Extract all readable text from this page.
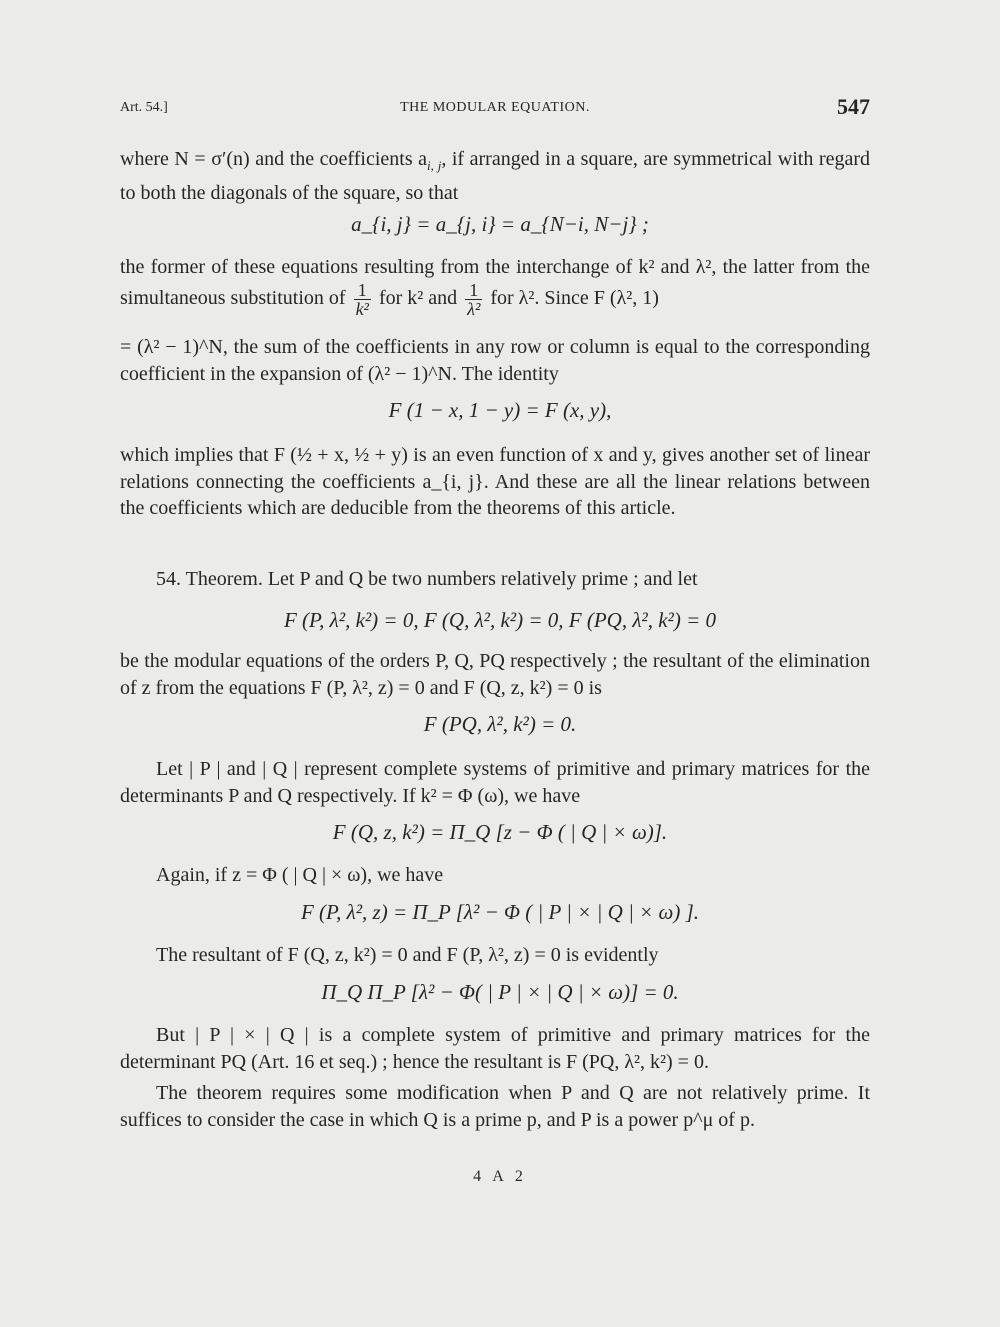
Art. 54.]	THE MODULAR EQUATION.	547

where N = σ′(n) and the coefficients $a_{i, j}$, if arranged in a square, are symmetrical with regard to both the diagonals of the square, so that

a_{i, j} = a_{j, i} = a_{N−i, N−j} ;

the former of these equations resulting from the interchange of k² and λ², the latter from the simultaneous substitution of $\frac{1}{\text{k²}}$ for k² and $\frac{1}{\text{λ²}}$ for λ². Since F (λ², 1)

= (λ² − 1)^N, the sum of the coefficients in any row or column is equal to the corresponding coefficient in the expansion of (λ² − 1)^N. The identity

F (1 − x, 1 − y) = F (x, y),

which implies that F (½ + x, ½ + y) is an even function of x and y, gives another set of linear relations connecting the coefficients a_{i, j}. And these are all the linear relations between the coefficients which are deducible from the theorems of this article.

54. Theorem. Let P and Q be two numbers relatively prime ; and let

F (P, λ², k²) = 0, F (Q, λ², k²) = 0, F (PQ, λ², k²) = 0

be the modular equations of the orders P, Q, PQ respectively ; the resultant of the elimination of z from the equations F (P, λ², z) = 0 and F (Q, z, k²) = 0 is

F (PQ, λ², k²) = 0.

Let | P | and | Q | represent complete systems of primitive and primary matrices for the determinants P and Q respectively. If k² = Φ (ω), we have

F (Q, z, k²) = Π_Q [z − Φ ( | Q | × ω)].

Again, if z = Φ ( | Q | × ω), we have

F (P, λ², z) = Π_P [λ² − Φ ( | P | × | Q | × ω) ].

The resultant of F (Q, z, k²) = 0 and F (P, λ², z) = 0 is evidently

Π_Q Π_P [λ² − Φ( | P | × | Q | × ω)] = 0.

But | P | × | Q | is a complete system of primitive and primary matrices for the determinant PQ (Art. 16 et seq.) ; hence the resultant is F (PQ, λ², k²) = 0.

The theorem requires some modification when P and Q are not relatively prime. It suffices to consider the case in which Q is a prime p, and P is a power p^μ of p.

4 A 2
